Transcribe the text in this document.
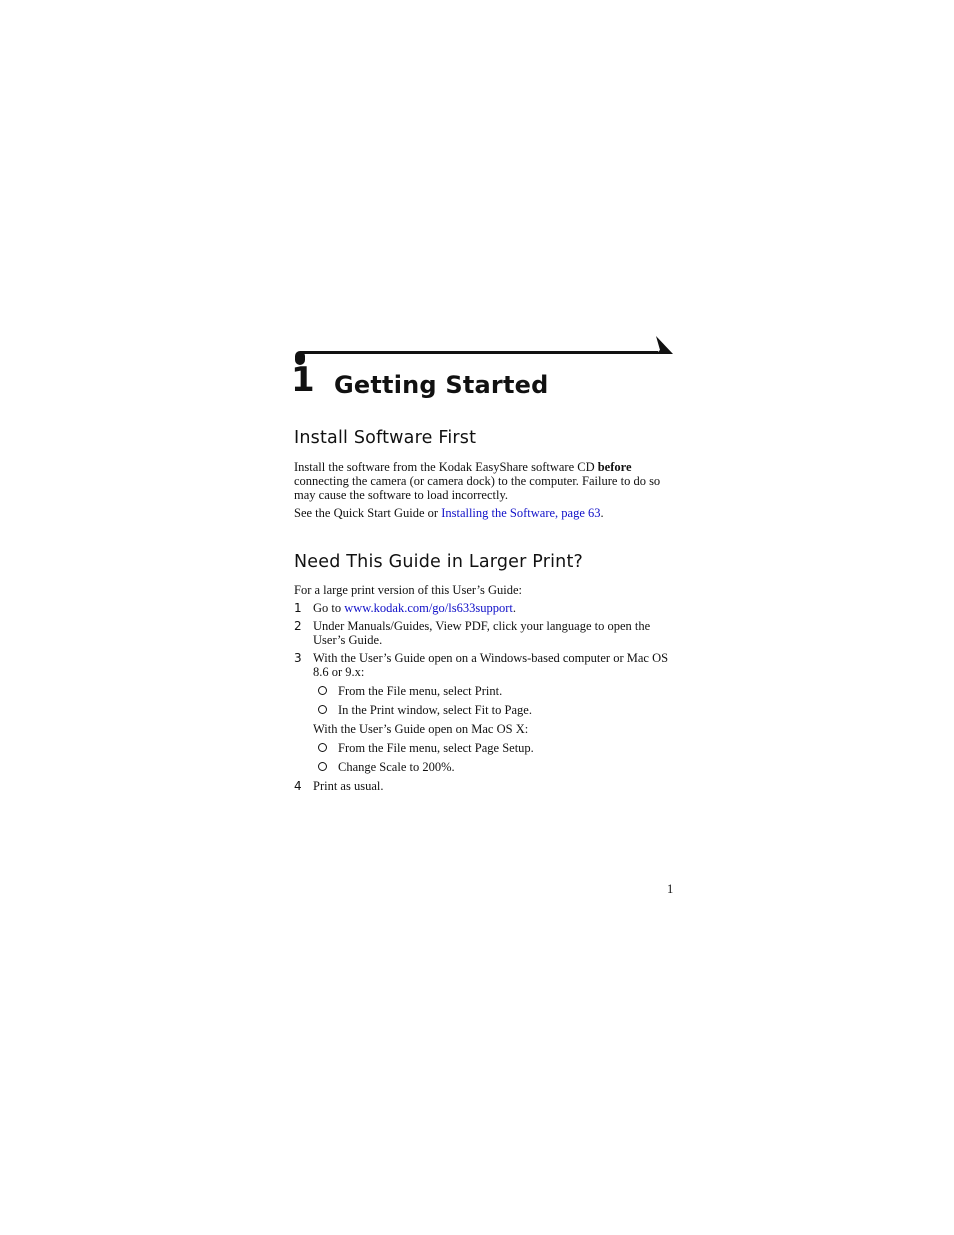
1 Getting Started
Install Software First
Install the software from the Kodak EasyShare software CD before connecting the camera (or camera dock) to the computer. Failure to do so may cause the software to load incorrectly.
See the Quick Start Guide or Installing the Software, page 63.
Need This Guide in Larger Print?
For a large print version of this User’s Guide:
1 Go to www.kodak.com/go/ls633support.
2 Under Manuals/Guides, View PDF, click your language to open the User’s Guide.
3 With the User’s Guide open on a Windows-based computer or Mac OS 8.6 or 9.x:
From the File menu, select Print.
In the Print window, select Fit to Page.
With the User’s Guide open on Mac OS X:
From the File menu, select Page Setup.
Change Scale to 200%.
4 Print as usual.
1
